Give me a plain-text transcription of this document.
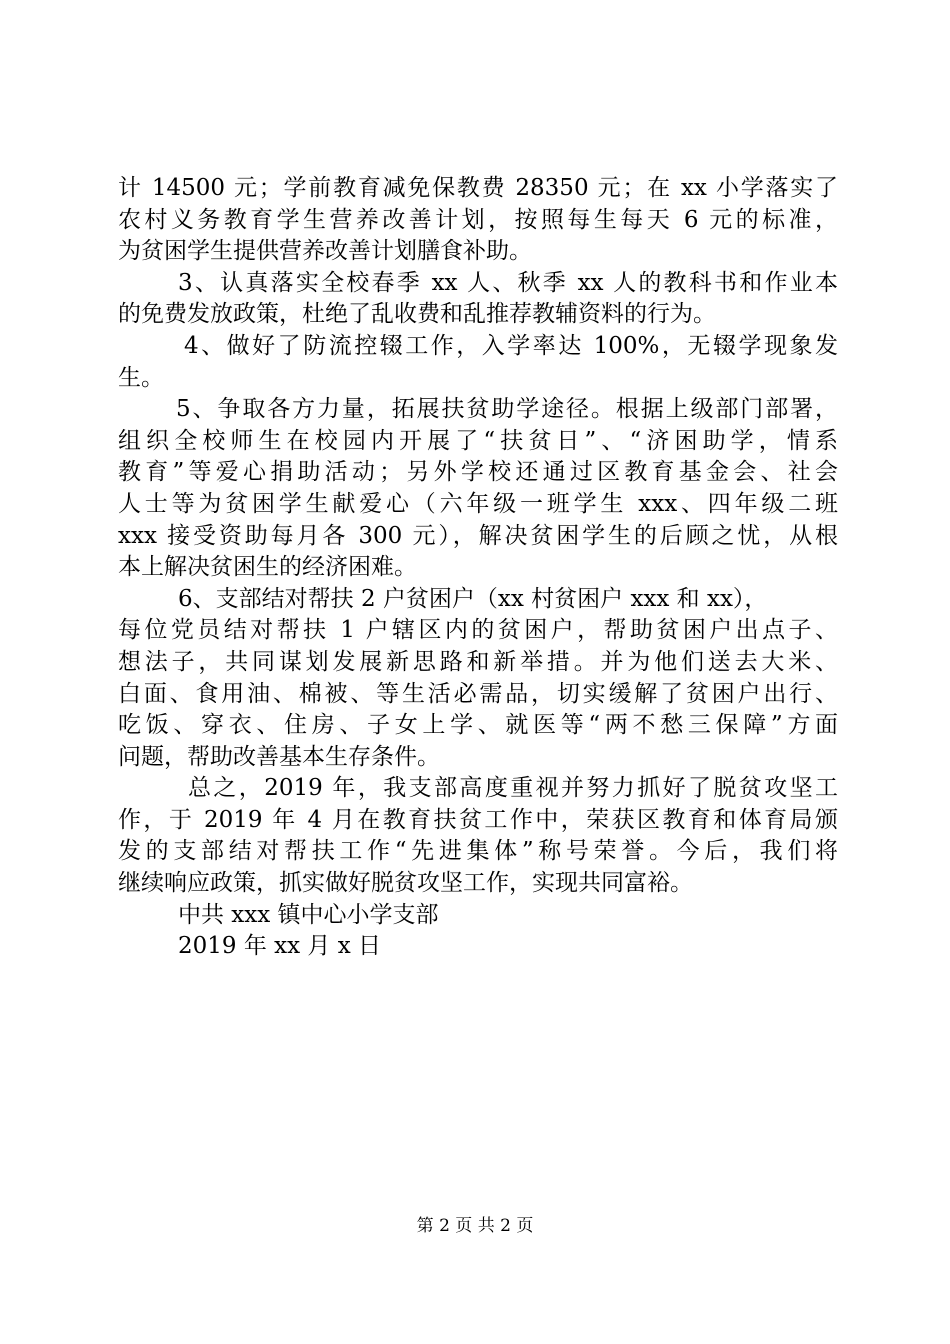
计 14500 元；学前教育减免保教费 28350 元；在 xx 小学落实了
农村义务教育学生营养改善计划，按照每生每天 6 元的标准，
为贫困学生提供营养改善计划膳食补助。
3、认真落实全校春季 xx 人、秋季 xx 人的教科书和作业本
的免费发放政策，杜绝了乱收费和乱推荐教辅资料的行为。
4、做好了防流控辍工作，入学率达 100%，无辍学现象发
生。
5、争取各方力量，拓展扶贫助学途径。根据上级部门部署，
组织全校师生在校园内开展了“扶贫日”、“济困助学，情系
教育”等爱心捐助活动；另外学校还通过区教育基金会、社会
人士等为贫困学生献爱心（六年级一班学生 xxx、四年级二班
xxx 接受资助每月各 300 元），解决贫困学生的后顾之忧，从根
本上解决贫困生的经济困难。
6、支部结对帮扶 2 户贫困户（xx 村贫困户 xxx 和 xx），
每位党员结对帮扶 1 户辖区内的贫困户，帮助贫困户出点子、
想法子，共同谋划发展新思路和新举措。并为他们送去大米、
白面、食用油、棉被、等生活必需品，切实缓解了贫困户出行、
吃饭、穿衣、住房、子女上学、就医等“两不愁三保障”方面
问题，帮助改善基本生存条件。
总之，2019 年，我支部高度重视并努力抓好了脱贫攻坚工
作，于 2019 年 4 月在教育扶贫工作中，荣获区教育和体育局颁
发的支部结对帮扶工作“先进集体”称号荣誉。今后，我们将
继续响应政策，抓实做好脱贫攻坚工作，实现共同富裕。
中共 xxx 镇中心小学支部
2019 年 xx 月 x 日
第 2 页 共 2 页
